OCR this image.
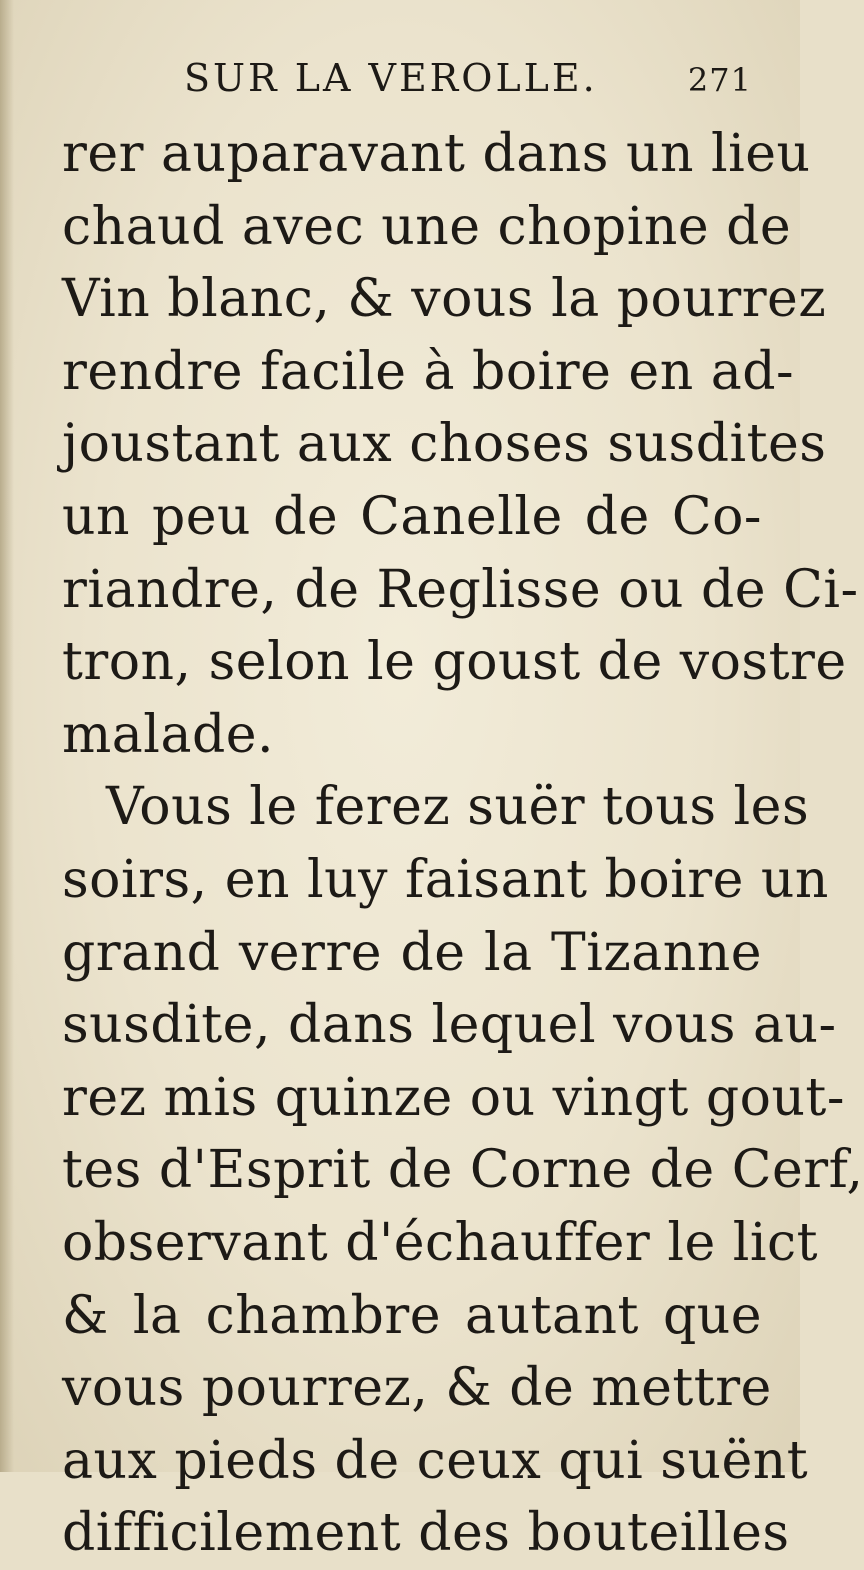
SUR LA VEROLLE.	271
rer auparavant dans un lieu
chaud avec une chopine de
Vin blanc, & vous la pourrez
rendre facile à boire en ad-
joustant aux choses susdites
un peu de Canelle de Co-
riandre, de Reglisse ou de Ci-
tron, selon le goust de vostre
malade.
Vous le ferez suër tous les
soirs, en luy faisant boire un
grand verre de la Tizanne
susdite, dans lequel vous au-
rez mis quinze ou vingt gout-
tes d'Esprit de Corne de Cerf,
observant d'échauffer le lict
& la chambre autant que
vous pourrez, & de mettre
aux pieds de ceux qui suënt
difficilement des bouteilles
